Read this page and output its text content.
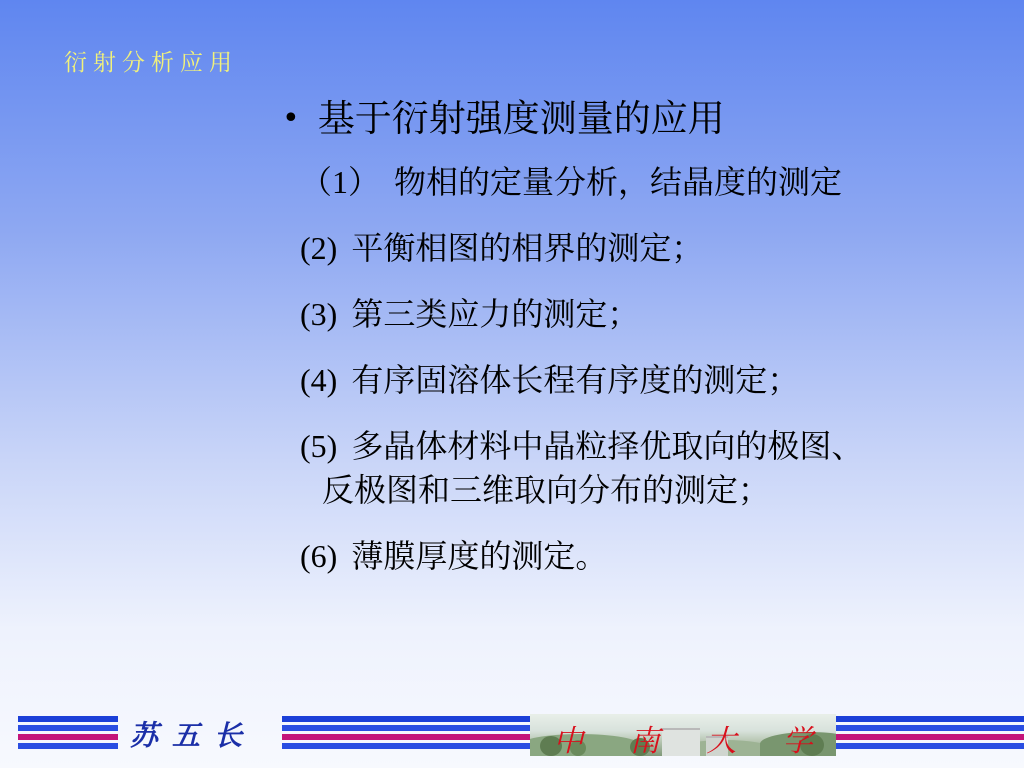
衍射分析应用
• 基于衍射强度测量的应用
（1） 物相的定量分析，结晶度的测定
(2) 平衡相图的相界的测定；
(3) 第三类应力的测定；
(4) 有序固溶体长程有序度的测定；
(5) 多晶体材料中晶粒择优取向的极图、
反极图和三维取向分布的测定；
(6) 薄膜厚度的测定。
苏五长	中 南 大 学
